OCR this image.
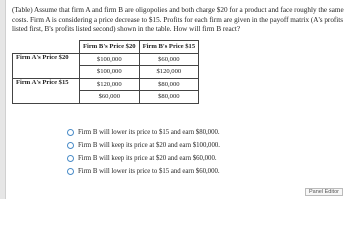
(Table) Assume that firm A and firm B are oligopolies and both charge $20 for a product and face roughly the same costs. Firm A is considering a price decrease to $15. Profits for each firm are given in the payoff matrix (A's profits listed first, B's profits listed second) shown in the table. How will firm B react?

	Firm B's Price $20	Firm B's Price $15
Firm A's Price $20	$100,000	$60,000
	$100,000	$120,000
Firm A's Price $15	$120,000	$80,000
	$60,000	$80,000
Firm B will lower its price to $15 and earn $80,000.
Firm B will keep its price at $20 and earn $100,000.
Firm B will keep its price at $20 and earn $60,000.
Firm B will lower its price to $15 and earn $60,000.
Panel Editor
